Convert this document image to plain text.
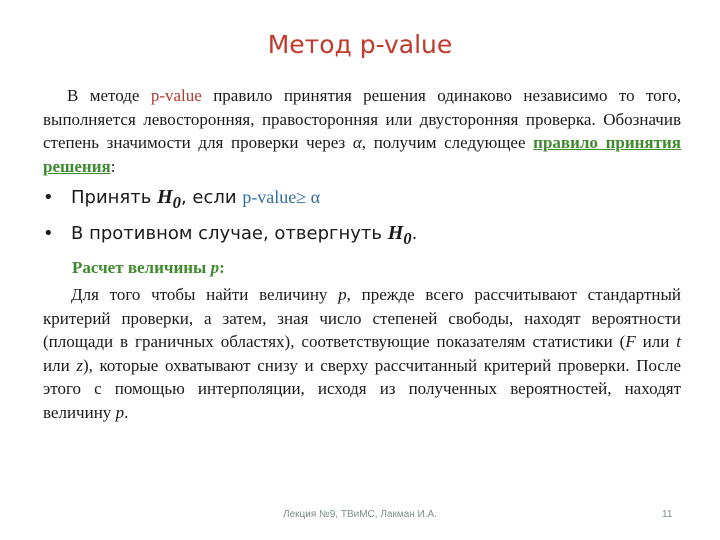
Метод p-value

В методе p-value правило принятия решения одинаково независимо то того, выполняется левосторонняя, правосторонняя или двусторонняя проверка. Обозначив степень значимости для проверки через α, получим следующее правило принятия решения:

• Принять $H_0$, если p-value≥ α
• В противном случае, отвергнуть $H_0$.
Расчет величины p:

Для того чтобы найти величину p, прежде всего рассчитывают стандартный критерий проверки, а затем, зная число степеней свободы, находят вероятности (площади в граничных областях), соответствующие показателям статистики (F или t или z), которые охватывают снизу и сверху рассчитанный критерий проверки. После этого с помощью интерполяции, исходя из полученных вероятностей, находят величину p.

Лекция №9, ТВиМС, Лакман И.А.	11
